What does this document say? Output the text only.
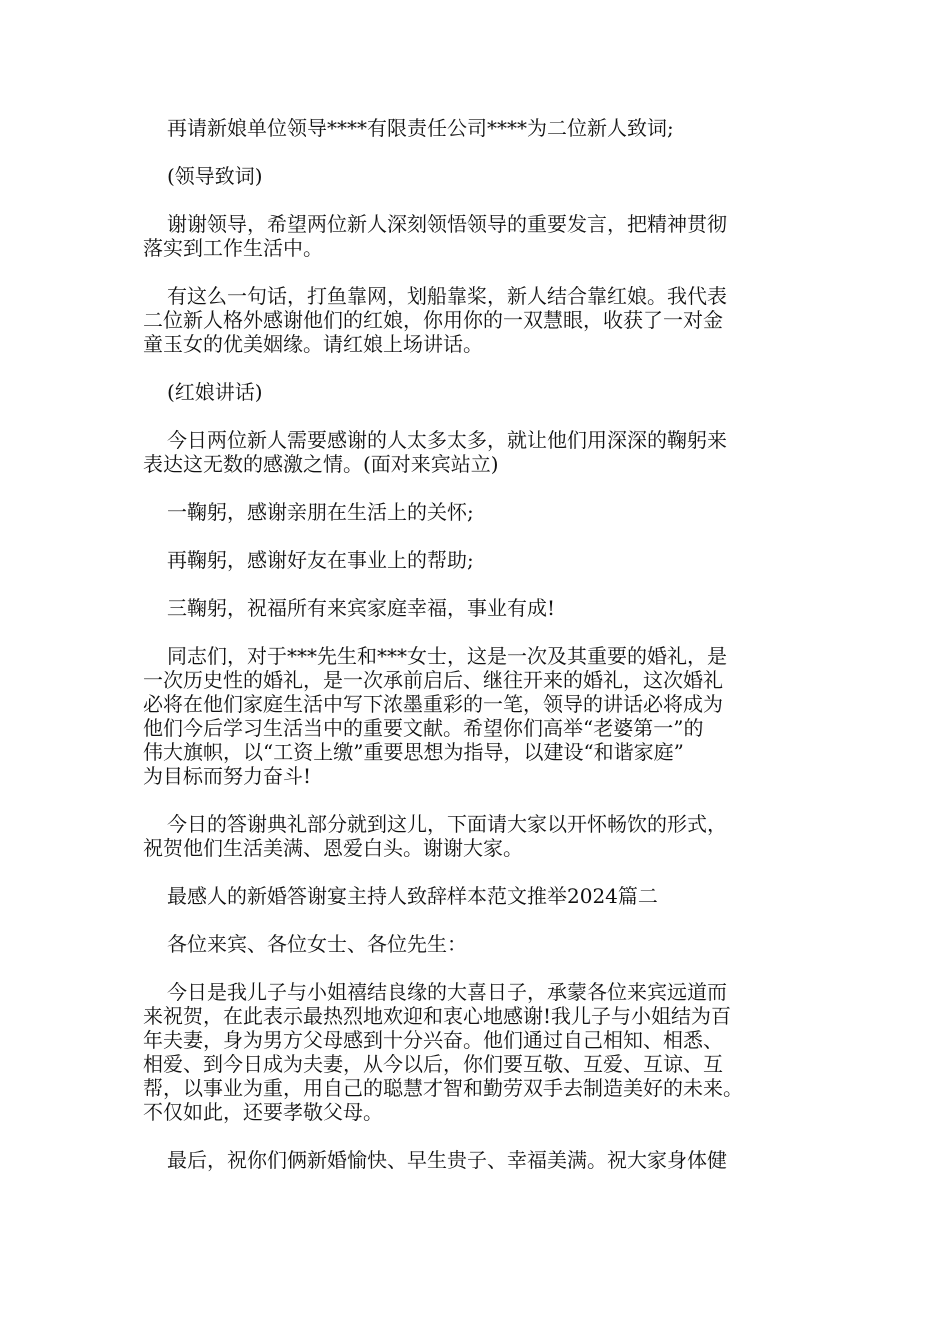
再请新娘单位领导****有限责任公司****为二位新人致词;
(领导致词)
谢谢领导，希望两位新人深刻领悟领导的重要发言，把精神贯彻
落实到工作生活中。
有这么一句话，打鱼靠网，划船靠桨，新人结合靠红娘。我代表
二位新人格外感谢他们的红娘，你用你的一双慧眼，收获了一对金
童玉女的优美姻缘。请红娘上场讲话。
(红娘讲话)
今日两位新人需要感谢的人太多太多，就让他们用深深的鞠躬来
表达这无数的感激之情。(面对来宾站立)
一鞠躬，感谢亲朋在生活上的关怀;
再鞠躬，感谢好友在事业上的帮助;
三鞠躬，祝福所有来宾家庭幸福，事业有成!
同志们，对于***先生和***女士，这是一次及其重要的婚礼，是
一次历史性的婚礼，是一次承前启后、继往开来的婚礼，这次婚礼
必将在他们家庭生活中写下浓墨重彩的一笔，领导的讲话必将成为
他们今后学习生活当中的重要文献。希望你们高举“老婆第一”的
伟大旗帜，以“工资上缴”重要思想为指导，以建设“和谐家庭”
为目标而努力奋斗!
今日的答谢典礼部分就到这儿，下面请大家以开怀畅饮的形式，
祝贺他们生活美满、恩爱白头。谢谢大家。
最感人的新婚答谢宴主持人致辞样本范文推举2024篇二
各位来宾、各位女士、各位先生：
今日是我儿子与小姐禧结良缘的大喜日子，承蒙各位来宾远道而
来祝贺，在此表示最热烈地欢迎和衷心地感谢!我儿子与小姐结为百
年夫妻，身为男方父母感到十分兴奋。他们通过自己相知、相悉、
相爱、到今日成为夫妻，从今以后，你们要互敬、互爱、互谅、互
帮，以事业为重，用自己的聪慧才智和勤劳双手去制造美好的未来。
不仅如此，还要孝敬父母。
最后，祝你们俩新婚愉快、早生贵子、幸福美满。祝大家身体健
